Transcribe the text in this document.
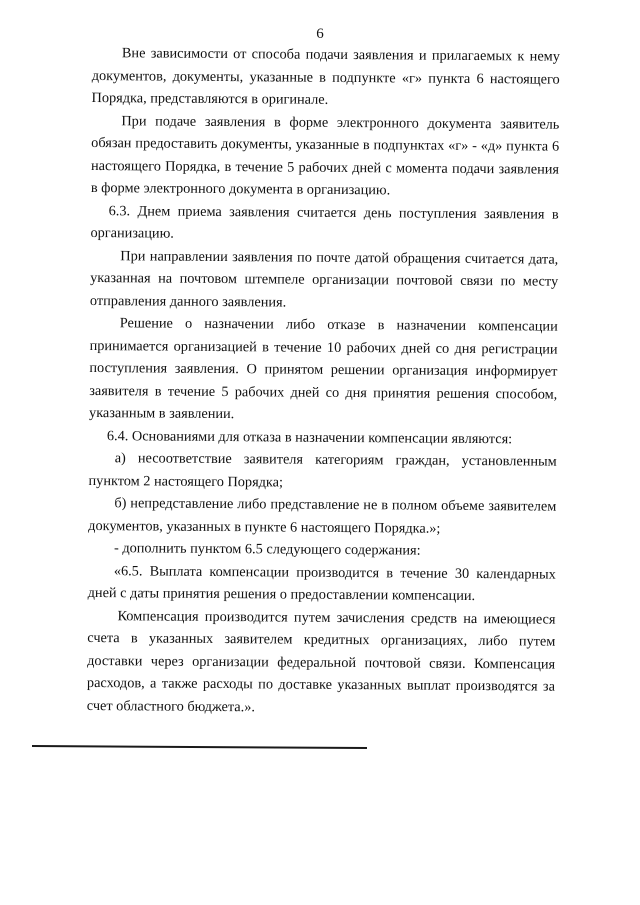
6

Вне зависимости от способа подачи заявления и прилагаемых к нему документов, документы, указанные в подпункте «г» пункта 6 настоящего Порядка, представляются в оригинале.

При подаче заявления в форме электронного документа заявитель обязан предоставить документы, указанные в подпунктах «г» - «д» пункта 6 настоящего Порядка, в течение 5 рабочих дней с момента подачи заявления в форме электронного документа в организацию.

6.3. Днем приема заявления считается день поступления заявления в организацию.

При направлении заявления по почте датой обращения считается дата, указанная на почтовом штемпеле организации почтовой связи по месту отправления данного заявления.

Решение о назначении либо отказе в назначении компенсации принимается организацией в течение 10 рабочих дней со дня регистрации поступления заявления. О принятом решении организация информирует заявителя в течение 5 рабочих дней со дня принятия решения способом, указанным в заявлении.

6.4. Основаниями для отказа в назначении компенсации являются:

а) несоответствие заявителя категориям граждан, установленным пунктом 2 настоящего Порядка;

б) непредставление либо представление не в полном объеме заявителем документов, указанных в пункте 6 настоящего Порядка.»;

- дополнить пунктом 6.5 следующего содержания:

«6.5. Выплата компенсации производится в течение 30 календарных дней с даты принятия решения о предоставлении компенсации.

Компенсация производится путем зачисления средств на имеющиеся счета в указанных заявителем кредитных организациях, либо путем доставки через организации федеральной почтовой связи. Компенсация расходов, а также расходы по доставке указанных выплат производятся за счет областного бюджета.».
